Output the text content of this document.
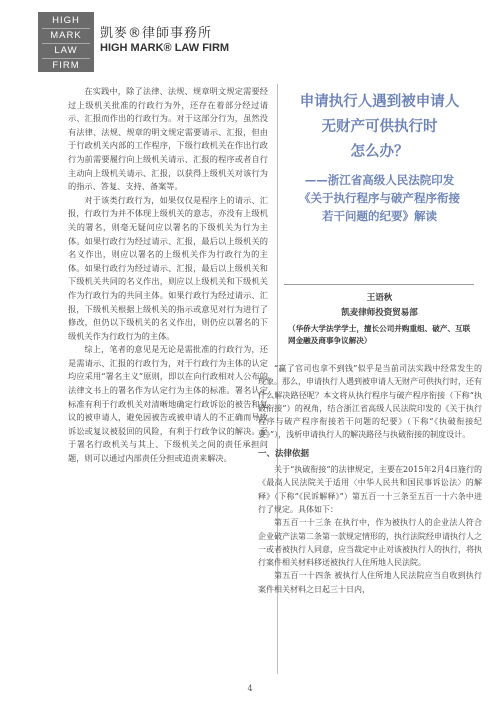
HIGH
MARK
LAW
FIRM
凱麥®律師事務所
HIGH MARK® LAW FIRM

在实践中，除了法律、法规、规章明文规定需要经过上级机关批准的行政行为外，还存在着部分经过请示、汇报而作出的行政行为。对于这部分行为，虽然没有法律、法规、规章的明文规定需要请示、汇报，但由于行政机关内部的工作程序，下级行政机关在作出行政行为前需要履行向上级机关请示、汇报的程序或者自行主动向上级机关请示、汇报，以获得上级机关对该行为的指示、答复、支持、备案等。

对于该类行政行为，如果仅仅是程序上的请示、汇报，行政行为并不体现上级机关的意志，亦没有上级机关的署名，则毫无疑问应以署名的下级机关为行为主体。如果行政行为经过请示、汇报，最后以上级机关的名义作出，则应以署名的上级机关作为行政行为的主体。如果行政行为经过请示、汇报，最后以上级机关和下级机关共同的名义作出，则应以上级机关和下级机关作为行政行为的共同主体。如果行政行为经过请示、汇报，下级机关根据上级机关的指示或意见对行为进行了修改，但仍以下级机关的名义作出，则仍应以署名的下级机关作为行政行为的主体。

综上，笔者的意见是无论是需批准的行政行为，还是需请示、汇报的行政行为，对于行政行为主体的认定均应采用“署名主义”原则，即以在向行政相对人公布的法律文书上的署名作为认定行为主体的标准。署名认定标准有利于行政机关对清晰地确定行政诉讼的被告和复议的被申请人，避免因被告或被申请人的不正确而导致诉讼或复议被驳回的风险，有利于行政争议的解决。至于署名行政机关与其上、下级机关之间的责任承担问题，则可以通过内部责任分担或追责来解决。

申请执行人遇到被申请人
无财产可供执行时
怎么办？
——浙江省高级人民法院印发
《关于执行程序与破产程序衔接
若干问题的纪要》解读
王语秋
凯麦律师投资贸易部
（华侨大学法学学士，擅长公司并购重组、破产、互联网金融及商事争议解决）

“赢了官司也拿不到钱”似乎是当前司法实践中经常发生的现象。那么，申请执行人遇到被申请人无财产可供执行时，还有什么解决路径呢？本文将从执行程序与破产程序衔接（下称“执破衔接”）的视角，结合浙江省高级人民法院印发的《关于执行程序与破产程序衔接若干问题的纪要》（下称“《执破衔接纪要》”），浅析申请执行人的解决路径与执破衔接的制度设计。

一、法律依据

关于“执破衔接”的法律规定，主要在2015年2月4日施行的《最高人民法院关于适用〈中华人民共和国民事诉讼法〉的解释》（下称“《民诉解释》”）第五百一十三条至五百一十六条中进行了规定。具体如下：

第五百一十三条 在执行中，作为被执行人的企业法人符合企业破产法第二条第一款规定情形的，执行法院经申请执行人之一或者被执行人同意，应当裁定中止对该被执行人的执行，将执行案件相关材料移送被执行人住所地人民法院。

第五百一十四条 被执行人住所地人民法院应当自收到执行案件相关材料之日起三十日内，

4
